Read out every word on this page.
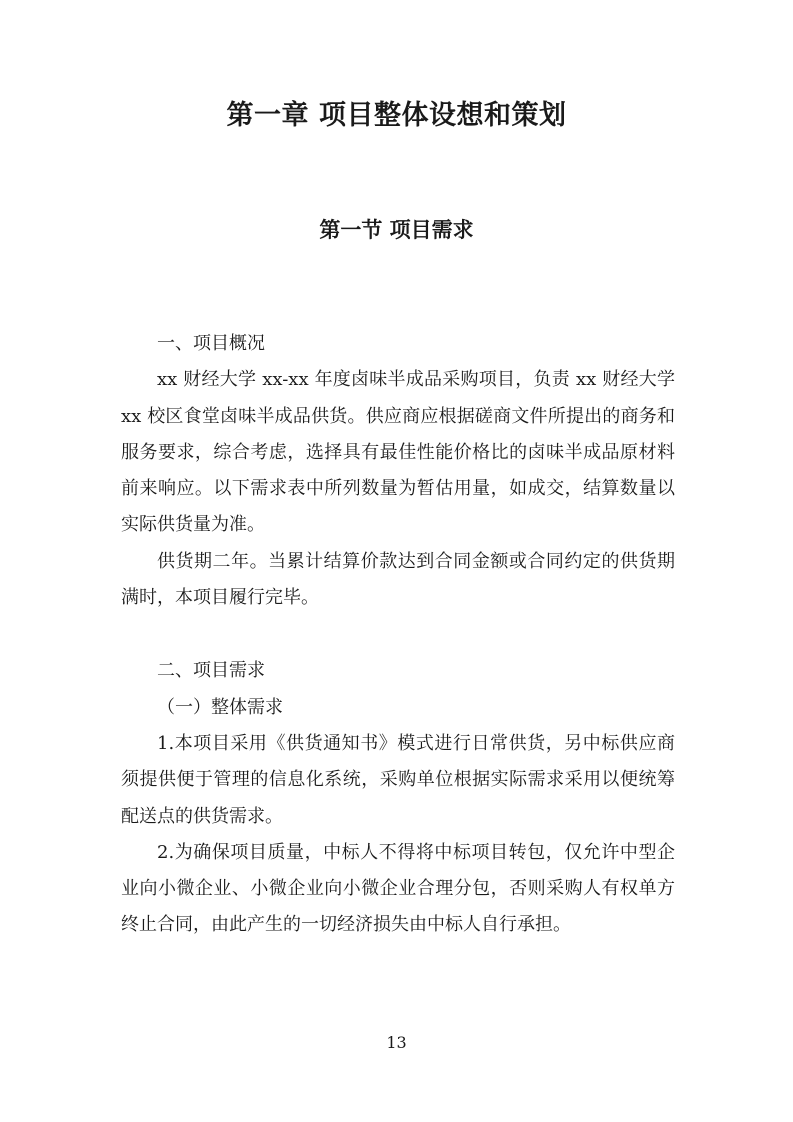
第一章 项目整体设想和策划
第一节 项目需求

一、项目概况

xx 财经大学 xx-xx 年度卤味半成品采购项目，负责 xx 财经大学 xx 校区食堂卤味半成品供货。供应商应根据磋商文件所提出的商务和服务要求，综合考虑，选择具有最佳性能价格比的卤味半成品原材料前来响应。以下需求表中所列数量为暂估用量，如成交，结算数量以实际供货量为准。

供货期二年。当累计结算价款达到合同金额或合同约定的供货期满时，本项目履行完毕。

二、项目需求

（一）整体需求

1.本项目采用《供货通知书》模式进行日常供货，另中标供应商须提供便于管理的信息化系统，采购单位根据实际需求采用以便统筹配送点的供货需求。

2.为确保项目质量，中标人不得将中标项目转包，仅允许中型企业向小微企业、小微企业向小微企业合理分包，否则采购人有权单方终止合同，由此产生的一切经济损失由中标人自行承担。

13
